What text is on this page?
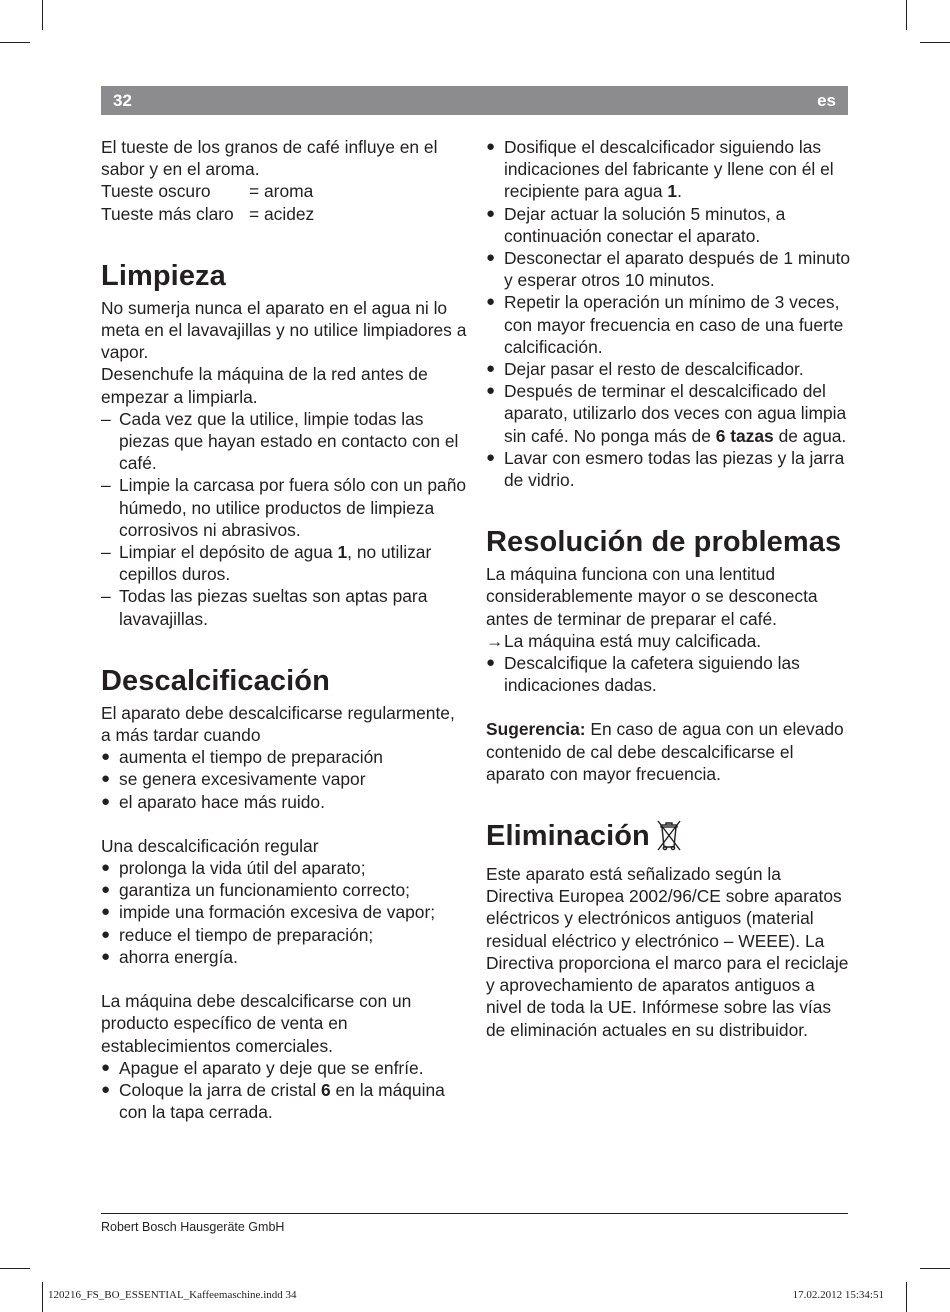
32	es

El tueste de los granos de café influye en el sabor y en el aroma.

Tueste oscuro	= aroma
Tueste más claro = acidez
Limpieza

No sumerja nunca el aparato en el agua ni lo meta en el lavavajillas y no utilice limpiadores a vapor.

Desenchufe la máquina de la red antes de empezar a limpiarla.

– Cada vez que la utilice, limpie todas las piezas que hayan estado en contacto con el café.
– Limpie la carcasa por fuera sólo con un paño húmedo, no utilice productos de limpieza corrosivos ni abrasivos.
– Limpiar el depósito de agua 1, no utilizar cepillos duros.
– Todas las piezas sueltas son aptas para lavavajillas.
Descalcificación

El aparato debe descalcificarse regularmente, a más tardar cuando

● aumenta el tiempo de preparación
● se genera excesivamente vapor
● el aparato hace más ruido.

Una descalcificación regular

● prolonga la vida útil del aparato;
● garantiza un funcionamiento correcto;
● impide una formación excesiva de vapor;
● reduce el tiempo de preparación;
● ahorra energía.

La máquina debe descalcificarse con un producto específico de venta en establecimientos comerciales.

● Apague el aparato y deje que se enfríe.
● Coloque la jarra de cristal 6 en la máquina con la tapa cerrada.
● Dosifique el descalcificador siguiendo las indicaciones del fabricante y llene con él el recipiente para agua 1.
● Dejar actuar la solución 5 minutos, a continuación conectar el aparato.
● Desconectar el aparato después de 1 minuto y esperar otros 10 minutos.
● Repetir la operación un mínimo de 3 veces, con mayor frecuencia en caso de una fuerte calcificación.
● Dejar pasar el resto de descalcificador.
● Después de terminar el descalcificado del aparato, utilizarlo dos veces con agua limpia sin café. No ponga más de 6 tazas de agua.
● Lavar con esmero todas las piezas y la jarra de vidrio.
Resolución de problemas

La máquina funciona con una lentitud considerablemente mayor o se desconecta antes de terminar de preparar el café.

→ La máquina está muy calcificada.
● Descalcifique la cafetera siguiendo las indicaciones dadas.

Sugerencia: En caso de agua con un elevado contenido de cal debe descalcificarse el aparato con mayor frecuencia.

Eliminación

Este aparato está señalizado según la Directiva Europea 2002/96/CE sobre aparatos eléctricos y electrónicos antiguos (material residual eléctrico y electrónico – WEEE). La Directiva proporciona el marco para el reciclaje y aprovechamiento de aparatos antiguos a nivel de toda la UE. Infórmese sobre las vías de eliminación actuales en su distribuidor.

Robert Bosch Hausgeräte GmbH
120216_FS_BO_ESSENTIAL_Kaffeemaschine.indd 34	17.02.2012 15:34:51
